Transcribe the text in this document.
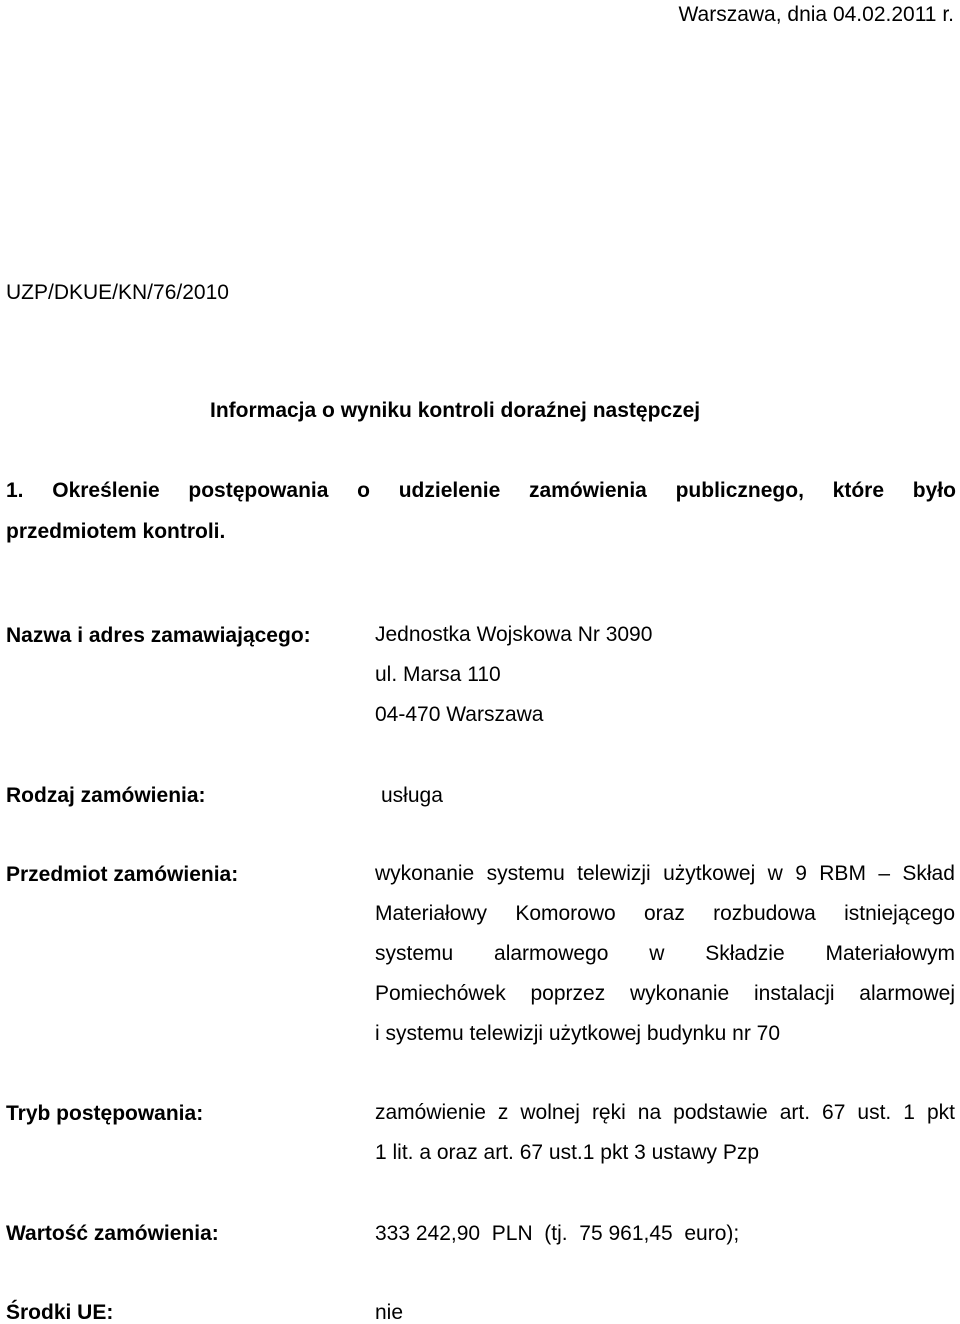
Warszawa, dnia 04.02.2011 r.
UZP/DKUE/KN/76/2010
Informacja o wyniku kontroli doraźnej następczej
1. Określenie postępowania o udzielenie zamówienia publicznego, które było
przedmiotem kontroli.
Nazwa i adres zamawiającego:	Jednostka Wojskowa Nr 3090
ul. Marsa 110
04-470 Warszawa
Rodzaj zamówienia:	usługa
Przedmiot zamówienia:	wykonanie systemu telewizji użytkowej w 9 RBM – Skład
Materiałowy Komorowo oraz rozbudowa istniejącego
systemu alarmowego w Składzie Materiałowym
Pomiechówek poprzez wykonanie instalacji alarmowej
i systemu telewizji użytkowej budynku nr 70
Tryb postępowania:	zamówienie z wolnej ręki na podstawie art. 67 ust. 1 pkt
1 lit. a oraz art. 67 ust.1 pkt 3 ustawy Pzp
Wartość zamówienia:	333 242,90  PLN  (tj.  75 961,45  euro);
Środki UE:	nie
